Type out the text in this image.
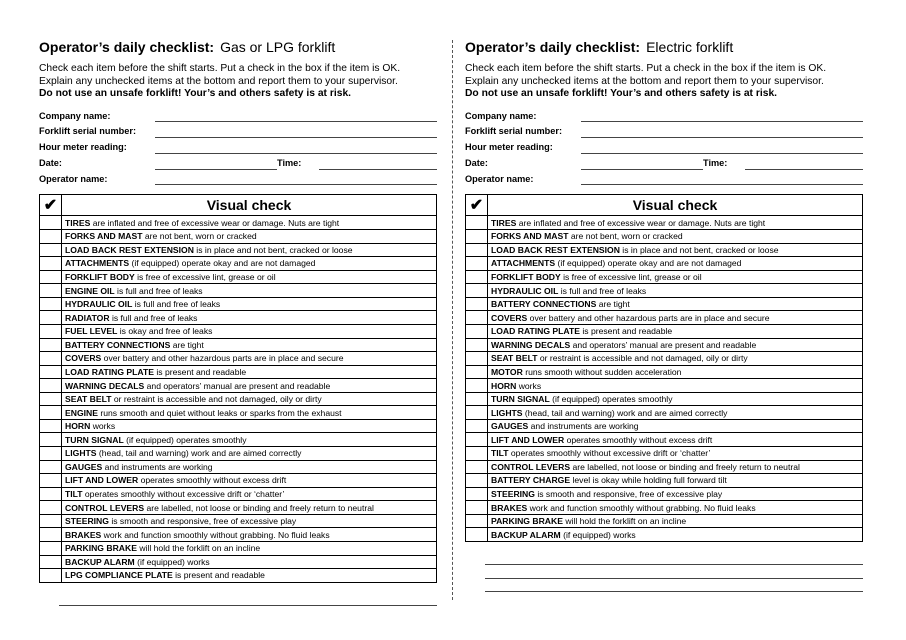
Operator’s daily checklist: Gas or LPG forklift
Check each item before the shift starts. Put a check in the box if the item is OK.
Explain any unchecked items at the bottom and report them to your supervisor.
Do not use an unsafe forklift! Your’s and others safety is at risk.
Company name:
Forklift serial number:
Hour meter reading:
Date:	Time:
Operator name:
✔	Visual check
	TIRES are inflated and free of excessive wear or damage. Nuts are tight
	FORKS AND MAST are not bent, worn or cracked
	LOAD BACK REST EXTENSION is in place and not bent, cracked or loose
	ATTACHMENTS (if equipped) operate okay and are not damaged
	FORKLIFT BODY is free of excessive lint, grease or oil
	ENGINE OIL is full and free of leaks
	HYDRAULIC OIL is full and free of leaks
	RADIATOR is full and free of leaks
	FUEL LEVEL is okay and free of leaks
	BATTERY CONNECTIONS are tight
	COVERS over battery and other hazardous parts are in place and secure
	LOAD RATING PLATE is present and readable
	WARNING DECALS and operators’ manual are present and readable
	SEAT BELT or restraint is accessible and not damaged, oily or dirty
	ENGINE runs smooth and quiet without leaks or sparks from the exhaust
	HORN works
	TURN SIGNAL (if equipped) operates smoothly
	LIGHTS (head, tail and warning) work and are aimed correctly
	GAUGES and instruments are working
	LIFT AND LOWER operates smoothly without excess drift
	TILT operates smoothly without excessive drift or ‘chatter’
	CONTROL LEVERS are labelled, not loose or binding and freely return to neutral
	STEERING is smooth and responsive, free of excessive play
	BRAKES work and function smoothly without grabbing. No fluid leaks
	PARKING BRAKE will hold the forklift on an incline
	BACKUP ALARM (if equipped) works
	LPG COMPLIANCE PLATE is present and readable
Operator’s daily checklist: Electric forklift
Check each item before the shift starts. Put a check in the box if the item is OK.
Explain any unchecked items at the bottom and report them to your supervisor.
Do not use an unsafe forklift! Your’s and others safety is at risk.
Company name:
Forklift serial number:
Hour meter reading:
Date:	Time:
Operator name:
✔	Visual check
	TIRES are inflated and free of excessive wear or damage. Nuts are tight
	FORKS AND MAST are not bent, worn or cracked
	LOAD BACK REST EXTENSION is in place and not bent, cracked or loose
	ATTACHMENTS (if equipped) operate okay and are not damaged
	FORKLIFT BODY is free of excessive lint, grease or oil
	HYDRAULIC OIL is full and free of leaks
	BATTERY CONNECTIONS are tight
	COVERS over battery and other hazardous parts are in place and secure
	LOAD RATING PLATE is present and readable
	WARNING DECALS and operators’ manual are present and readable
	SEAT BELT or restraint is accessible and not damaged, oily or dirty
	MOTOR runs smooth without sudden acceleration
	HORN works
	TURN SIGNAL (if equipped) operates smoothly
	LIGHTS (head, tail and warning) work and are aimed correctly
	GAUGES and instruments are working
	LIFT AND LOWER operates smoothly without excess drift
	TILT operates smoothly without excessive drift or ‘chatter’
	CONTROL LEVERS are labelled, not loose or binding and freely return to neutral
	BATTERY CHARGE level is okay while holding full forward tilt
	STEERING is smooth and responsive, free of excessive play
	BRAKES work and function smoothly without grabbing. No fluid leaks
	PARKING BRAKE will hold the forklift on an incline
	BACKUP ALARM (if equipped) works
